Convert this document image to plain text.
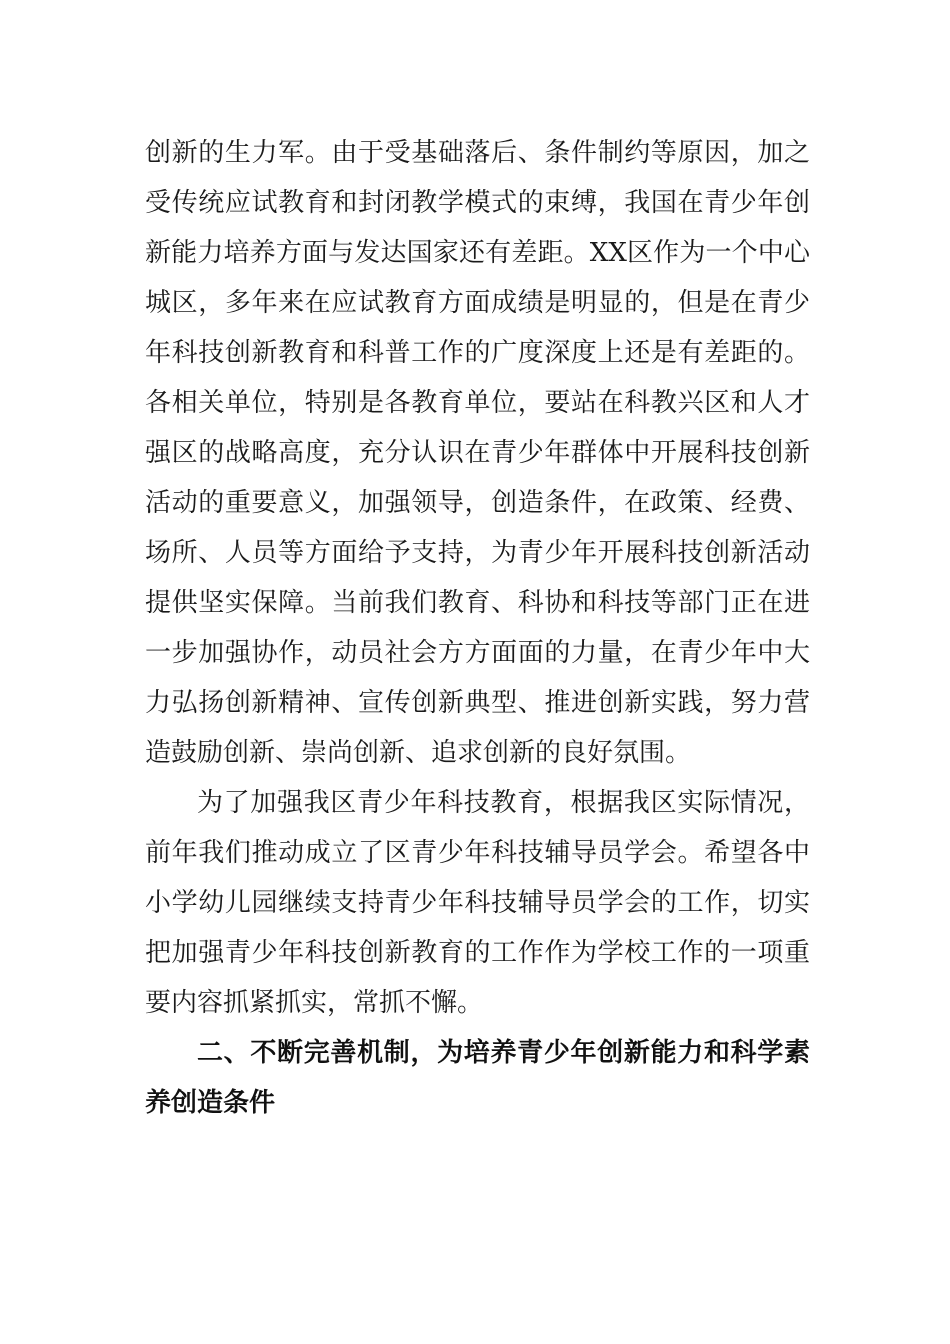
创新的生力军。由于受基础落后、条件制约等原因，加之
受传统应试教育和封闭教学模式的束缚，我国在青少年创
新能力培养方面与发达国家还有差距。XX区作为一个中心
城区，多年来在应试教育方面成绩是明显的，但是在青少
年科技创新教育和科普工作的广度深度上还是有差距的。
各相关单位，特别是各教育单位，要站在科教兴区和人才
强区的战略高度，充分认识在青少年群体中开展科技创新
活动的重要意义，加强领导，创造条件，在政策、经费、
场所、人员等方面给予支持，为青少年开展科技创新活动
提供坚实保障。当前我们教育、科协和科技等部门正在进
一步加强协作，动员社会方方面面的力量，在青少年中大
力弘扬创新精神、宣传创新典型、推进创新实践，努力营
造鼓励创新、崇尚创新、追求创新的良好氛围。
为了加强我区青少年科技教育，根据我区实际情况，
前年我们推动成立了区青少年科技辅导员学会。希望各中
小学幼儿园继续支持青少年科技辅导员学会的工作，切实
把加强青少年科技创新教育的工作作为学校工作的一项重
要内容抓紧抓实，常抓不懈。
二、不断完善机制，为培养青少年创新能力和科学素
养创造条件
